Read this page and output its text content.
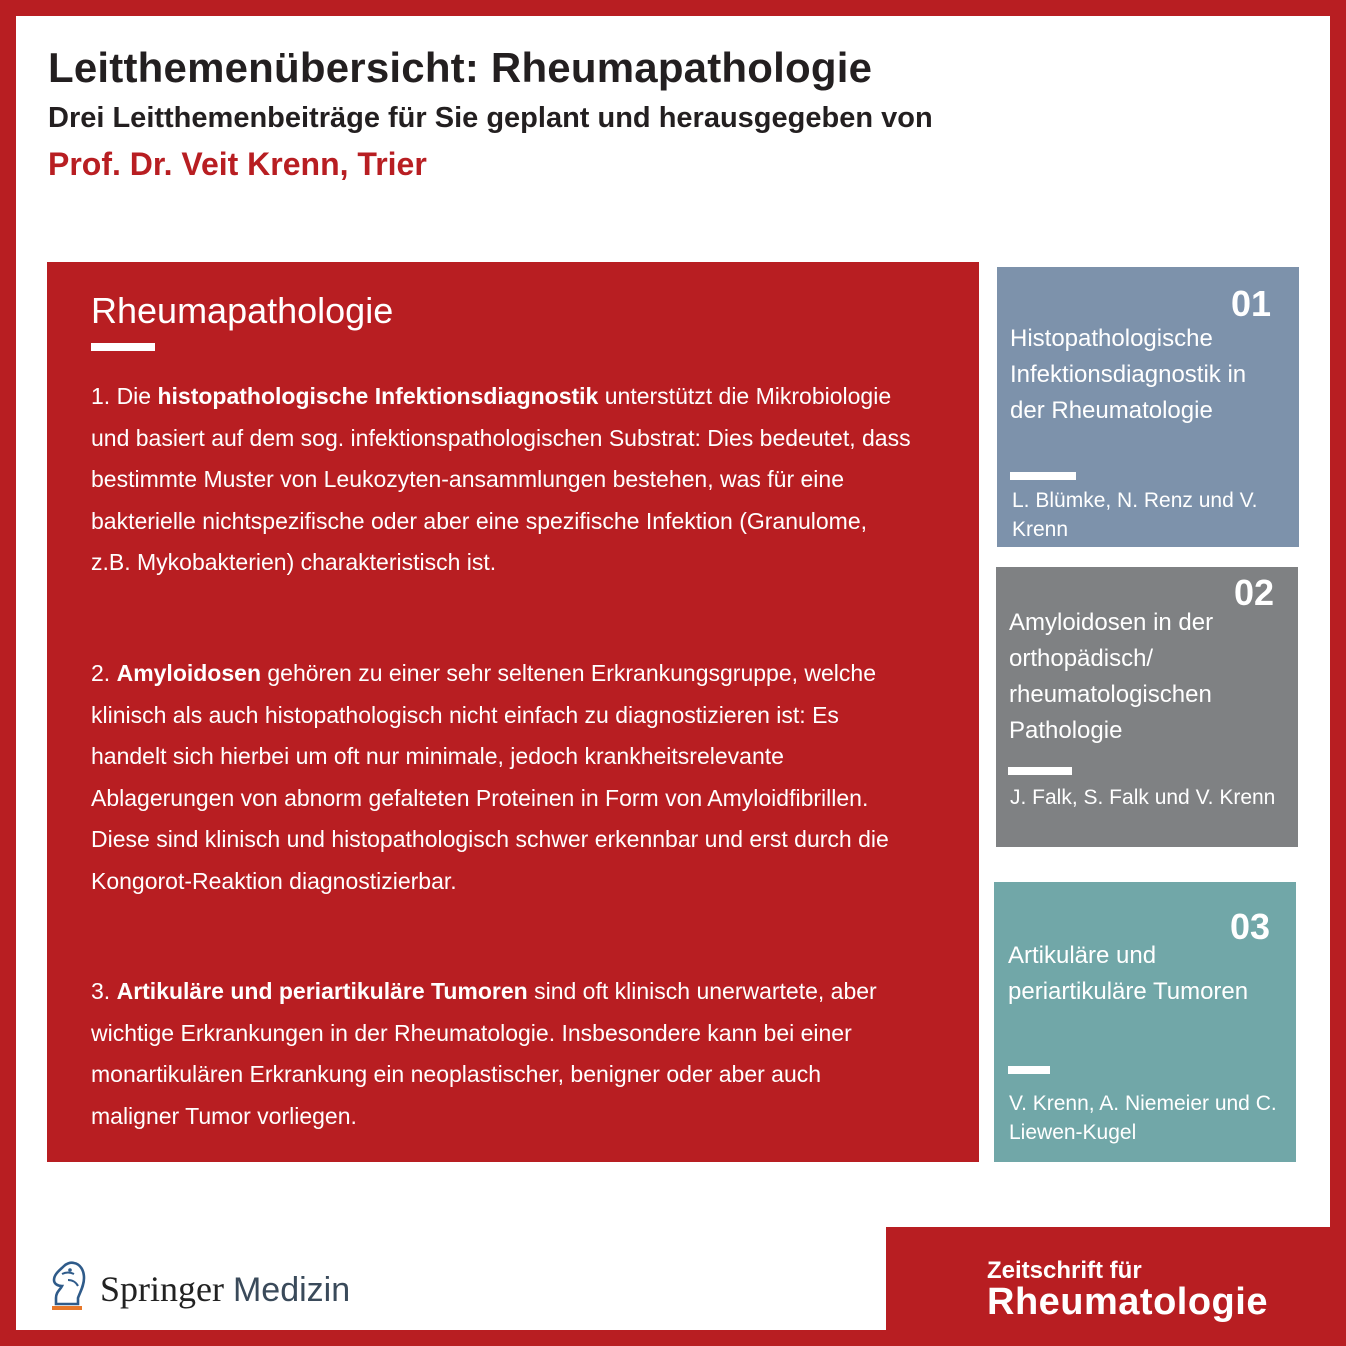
Leitthemenübersicht: Rheumapathologie
Drei Leitthemenbeiträge für Sie geplant und herausgegeben von
Prof. Dr. Veit Krenn, Trier
Rheumapathologie

1. Die histopathologische Infektionsdiagnostik unterstützt die Mikrobiologie und basiert auf dem sog. infektionspathologischen Substrat: Dies bedeutet, dass bestimmte Muster von Leukozyten-ansammlungen bestehen, was für eine bakterielle nichtspezifische oder aber eine spezifische Infektion (Granulome, z.B. Mykobakterien) charakteristisch ist.

2. Amyloidosen gehören zu einer sehr seltenen Erkrankungsgruppe, welche klinisch als auch histopathologisch nicht einfach zu diagnostizieren ist: Es handelt sich hierbei um oft nur minimale, jedoch krankheitsrelevante Ablagerungen von abnorm gefalteten Proteinen in Form von Amyloidfibrillen. Diese sind klinisch und histopathologisch schwer erkennbar und erst durch die Kongorot-Reaktion diagnostizierbar.

3. Artikuläre und periartikuläre Tumoren sind oft klinisch unerwartete, aber wichtige Erkrankungen in der Rheumatologie. Insbesondere kann bei einer monartikulären Erkrankung ein neoplastischer, benigner oder aber auch maligner Tumor vorliegen.

01
Histopathologische Infektionsdiagnostik in der Rheumatologie
L. Blümke, N. Renz und V. Krenn
02
Amyloidosen in der orthopädisch/ rheumatologischen Pathologie
J. Falk, S. Falk und V. Krenn
03
Artikuläre und periartikuläre Tumoren
V. Krenn, A. Niemeier und C. Liewen-Kugel
Springer Medizin
Zeitschrift für
Rheumatologie
